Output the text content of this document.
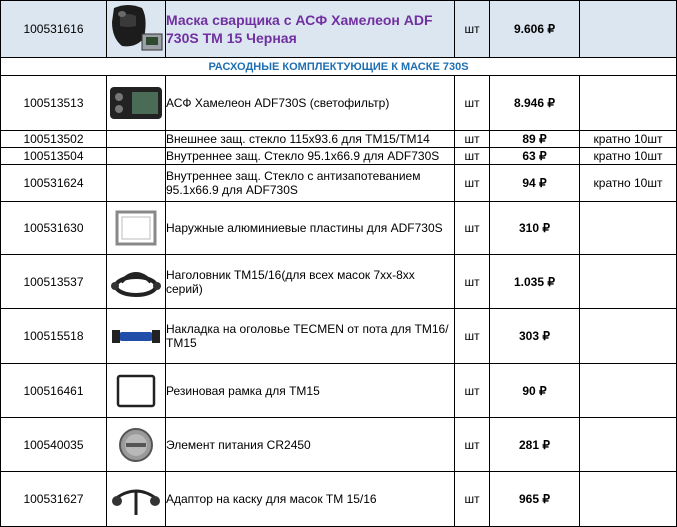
100531616		Маска сварщика с АСФ Хамелеон ADF 730S TM 15 Черная	шт	9.606 ₽	
РАСХОДНЫЕ КОМПЛЕКТУЮЩИЕ К МАСКЕ 730S					
100513513		АСФ Хамелеон ADF730S (светофильтр)	шт	8.946 ₽	
100513502		Внешнее защ. стекло 115х93.6 для ТМ15/ТМ14	шт	89 ₽	кратно 10шт
100513504		Внутреннее защ. Стекло 95.1х66.9 для ADF730S	шт	63 ₽	кратно 10шт
100531624		Внутреннее защ. Стекло с антизапотеванием 95.1х66.9 для ADF730S	шт	94 ₽	кратно 10шт
100531630		Наружные алюминиевые пластины для ADF730S	шт	310 ₽	
100513537		Наголовник ТМ15/16(для всех масок 7хх-8хх серий)	шт	1.035 ₽	
100515518		Накладка на оголовье TECMEN от пота для ТМ16/ТМ15	шт	303 ₽	
100516461		Резиновая рамка для ТМ15	шт	90 ₽	
100540035		Элемент питания CR2450	шт	281 ₽	
100531627		Адаптор на каску для масок ТМ 15/16	шт	965 ₽	
